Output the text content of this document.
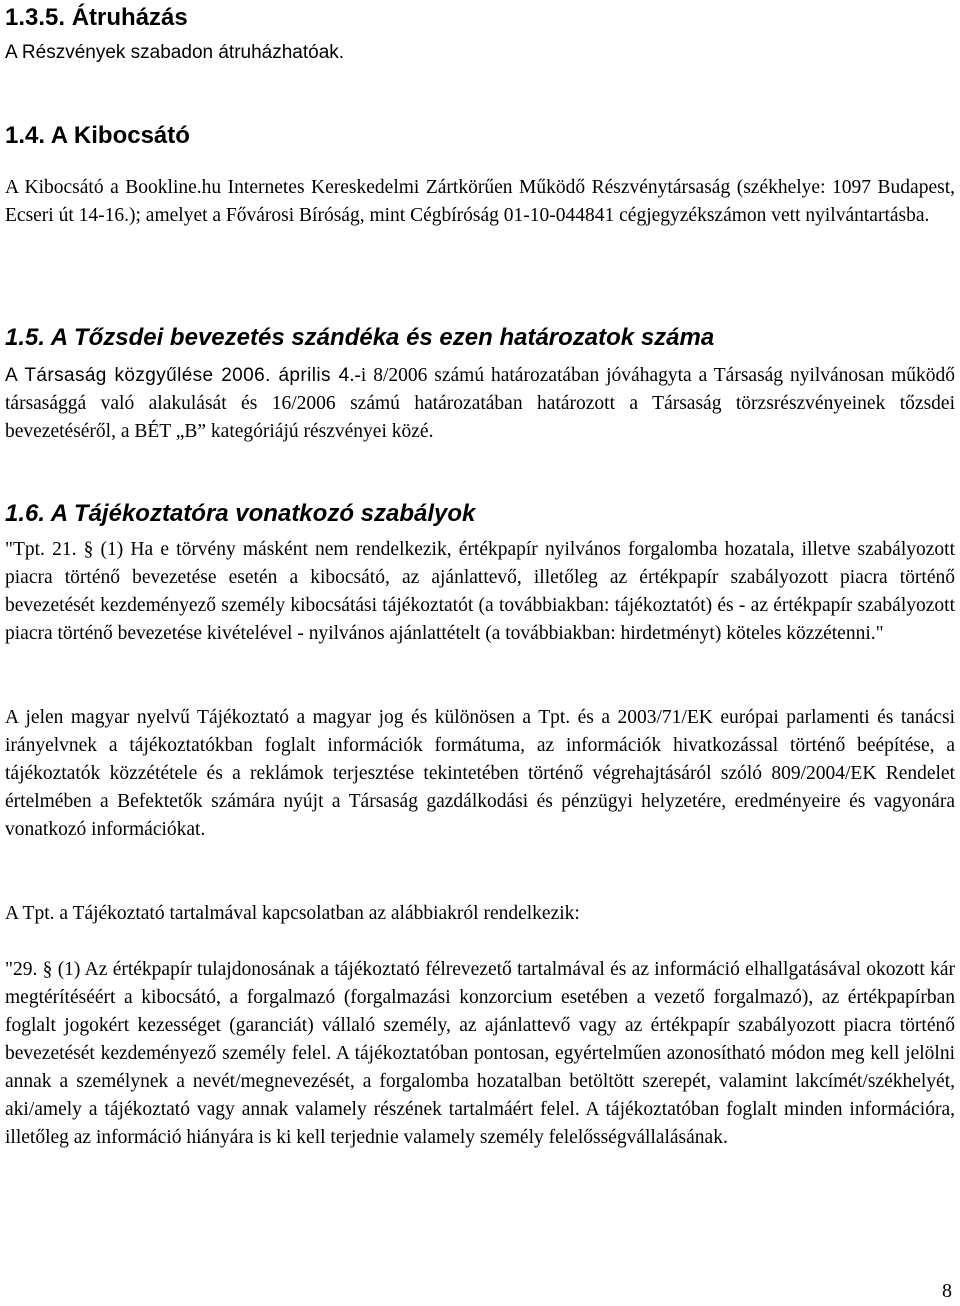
1.3.5. Átruházás

A Részvények szabadon átruházhatóak.

1.4. A Kibocsátó

A Kibocsátó a Bookline.hu Internetes Kereskedelmi Zártkörűen Működő Részvénytársaság (székhelye: 1097 Budapest, Ecseri út 14-16.); amelyet a Fővárosi Bíróság, mint Cégbíróság 01-10-044841 cégjegyzékszámon vett nyilvántartásba.

1.5. A Tőzsdei bevezetés szándéka és ezen határozatok száma

A Társaság közgyűlése 2006. április 4.-i 8/2006 számú határozatában jóváhagyta a Társaság nyilvánosan működő társasággá való alakulását és 16/2006 számú határozatában határozott a Társaság törzsrészvényeinek tőzsdei bevezetéséről, a BÉT „B” kategóriájú részvényei közé.

1.6. A Tájékoztatóra vonatkozó szabályok

"Tpt. 21. § (1) Ha e törvény másként nem rendelkezik, értékpapír nyilvános forgalomba hozatala, illetve szabályozott piacra történő bevezetése esetén a kibocsátó, az ajánlattevő, illetőleg az értékpapír szabályozott piacra történő bevezetését kezdeményező személy kibocsátási tájékoztatót (a továbbiakban: tájékoztatót) és - az értékpapír szabályozott piacra történő bevezetése kivételével - nyilvános ajánlattételt (a továbbiakban: hirdetményt) köteles közzétenni."

A jelen magyar nyelvű Tájékoztató a magyar jog és különösen a Tpt. és a 2003/71/EK európai parlamenti és tanácsi irányelvnek a tájékoztatókban foglalt információk formátuma, az információk hivatkozással történő beépítése, a tájékoztatók közzététele és a reklámok terjesztése tekintetében történő végrehajtásáról szóló 809/2004/EK Rendelet értelmében a Befektetők számára nyújt a Társaság gazdálkodási és pénzügyi helyzetére, eredményeire és vagyonára vonatkozó információkat.

A Tpt. a Tájékoztató tartalmával kapcsolatban az alábbiakról rendelkezik:

"29. § (1) Az értékpapír tulajdonosának a tájékoztató félrevezető tartalmával és az információ elhallgatásával okozott kár megtérítéséért a kibocsátó, a forgalmazó (forgalmazási konzorcium esetében a vezető forgalmazó), az értékpapírban foglalt jogokért kezességet (garanciát) vállaló személy, az ajánlattevő vagy az értékpapír szabályozott piacra történő bevezetését kezdeményező személy felel. A tájékoztatóban pontosan, egyértelműen azonosítható módon meg kell jelölni annak a személynek a nevét/megnevezését, a forgalomba hozatalban betöltött szerepét, valamint lakcímét/székhelyét, aki/amely a tájékoztató vagy annak valamely részének tartalmáért felel. A tájékoztatóban foglalt minden információra, illetőleg az információ hiányára is ki kell terjednie valamely személy felelősségvállalásának.

8
